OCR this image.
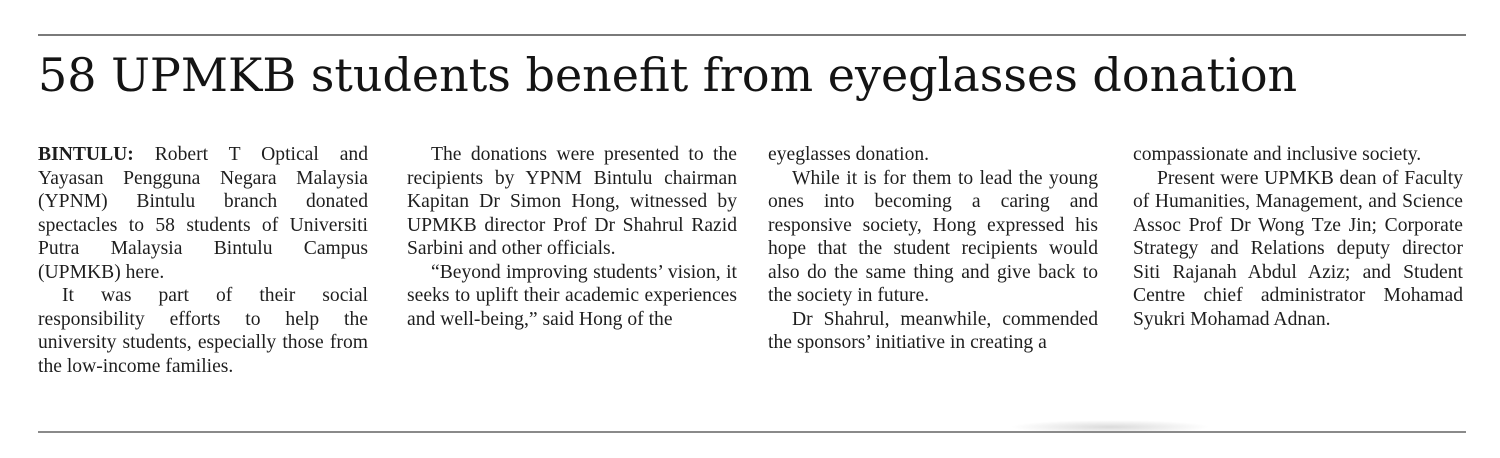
58 UPMKB students benefit from eyeglasses donation

BINTULU: Robert T Optical and Yayasan Pengguna Negara Malaysia (YPNM) Bintulu branch donated spectacles to 58 students of Universiti Putra Malaysia Bintulu Campus (UPMKB) here.

It was part of their social responsibility efforts to help the university students, especially those from the low-income families.

The donations were presented to the recipients by YPNM Bintulu chairman Kapitan Dr Simon Hong, witnessed by UPMKB director Prof Dr Shahrul Razid Sarbini and other officials.

“Beyond improving students’ vision, it seeks to uplift their academic experiences and well-being,” said Hong of the

eyeglasses donation.

While it is for them to lead the young ones into becoming a caring and responsive society, Hong expressed his hope that the student recipients would also do the same thing and give back to the society in future.

Dr Shahrul, meanwhile, commended the sponsors’ initiative in creating a

compassionate and inclusive society.

Present were UPMKB dean of Faculty of Humanities, Management, and Science Assoc Prof Dr Wong Tze Jin; Corporate Strategy and Relations deputy director Siti Rajanah Abdul Aziz; and Student Centre chief administrator Mohamad Syukri Mohamad Adnan.
